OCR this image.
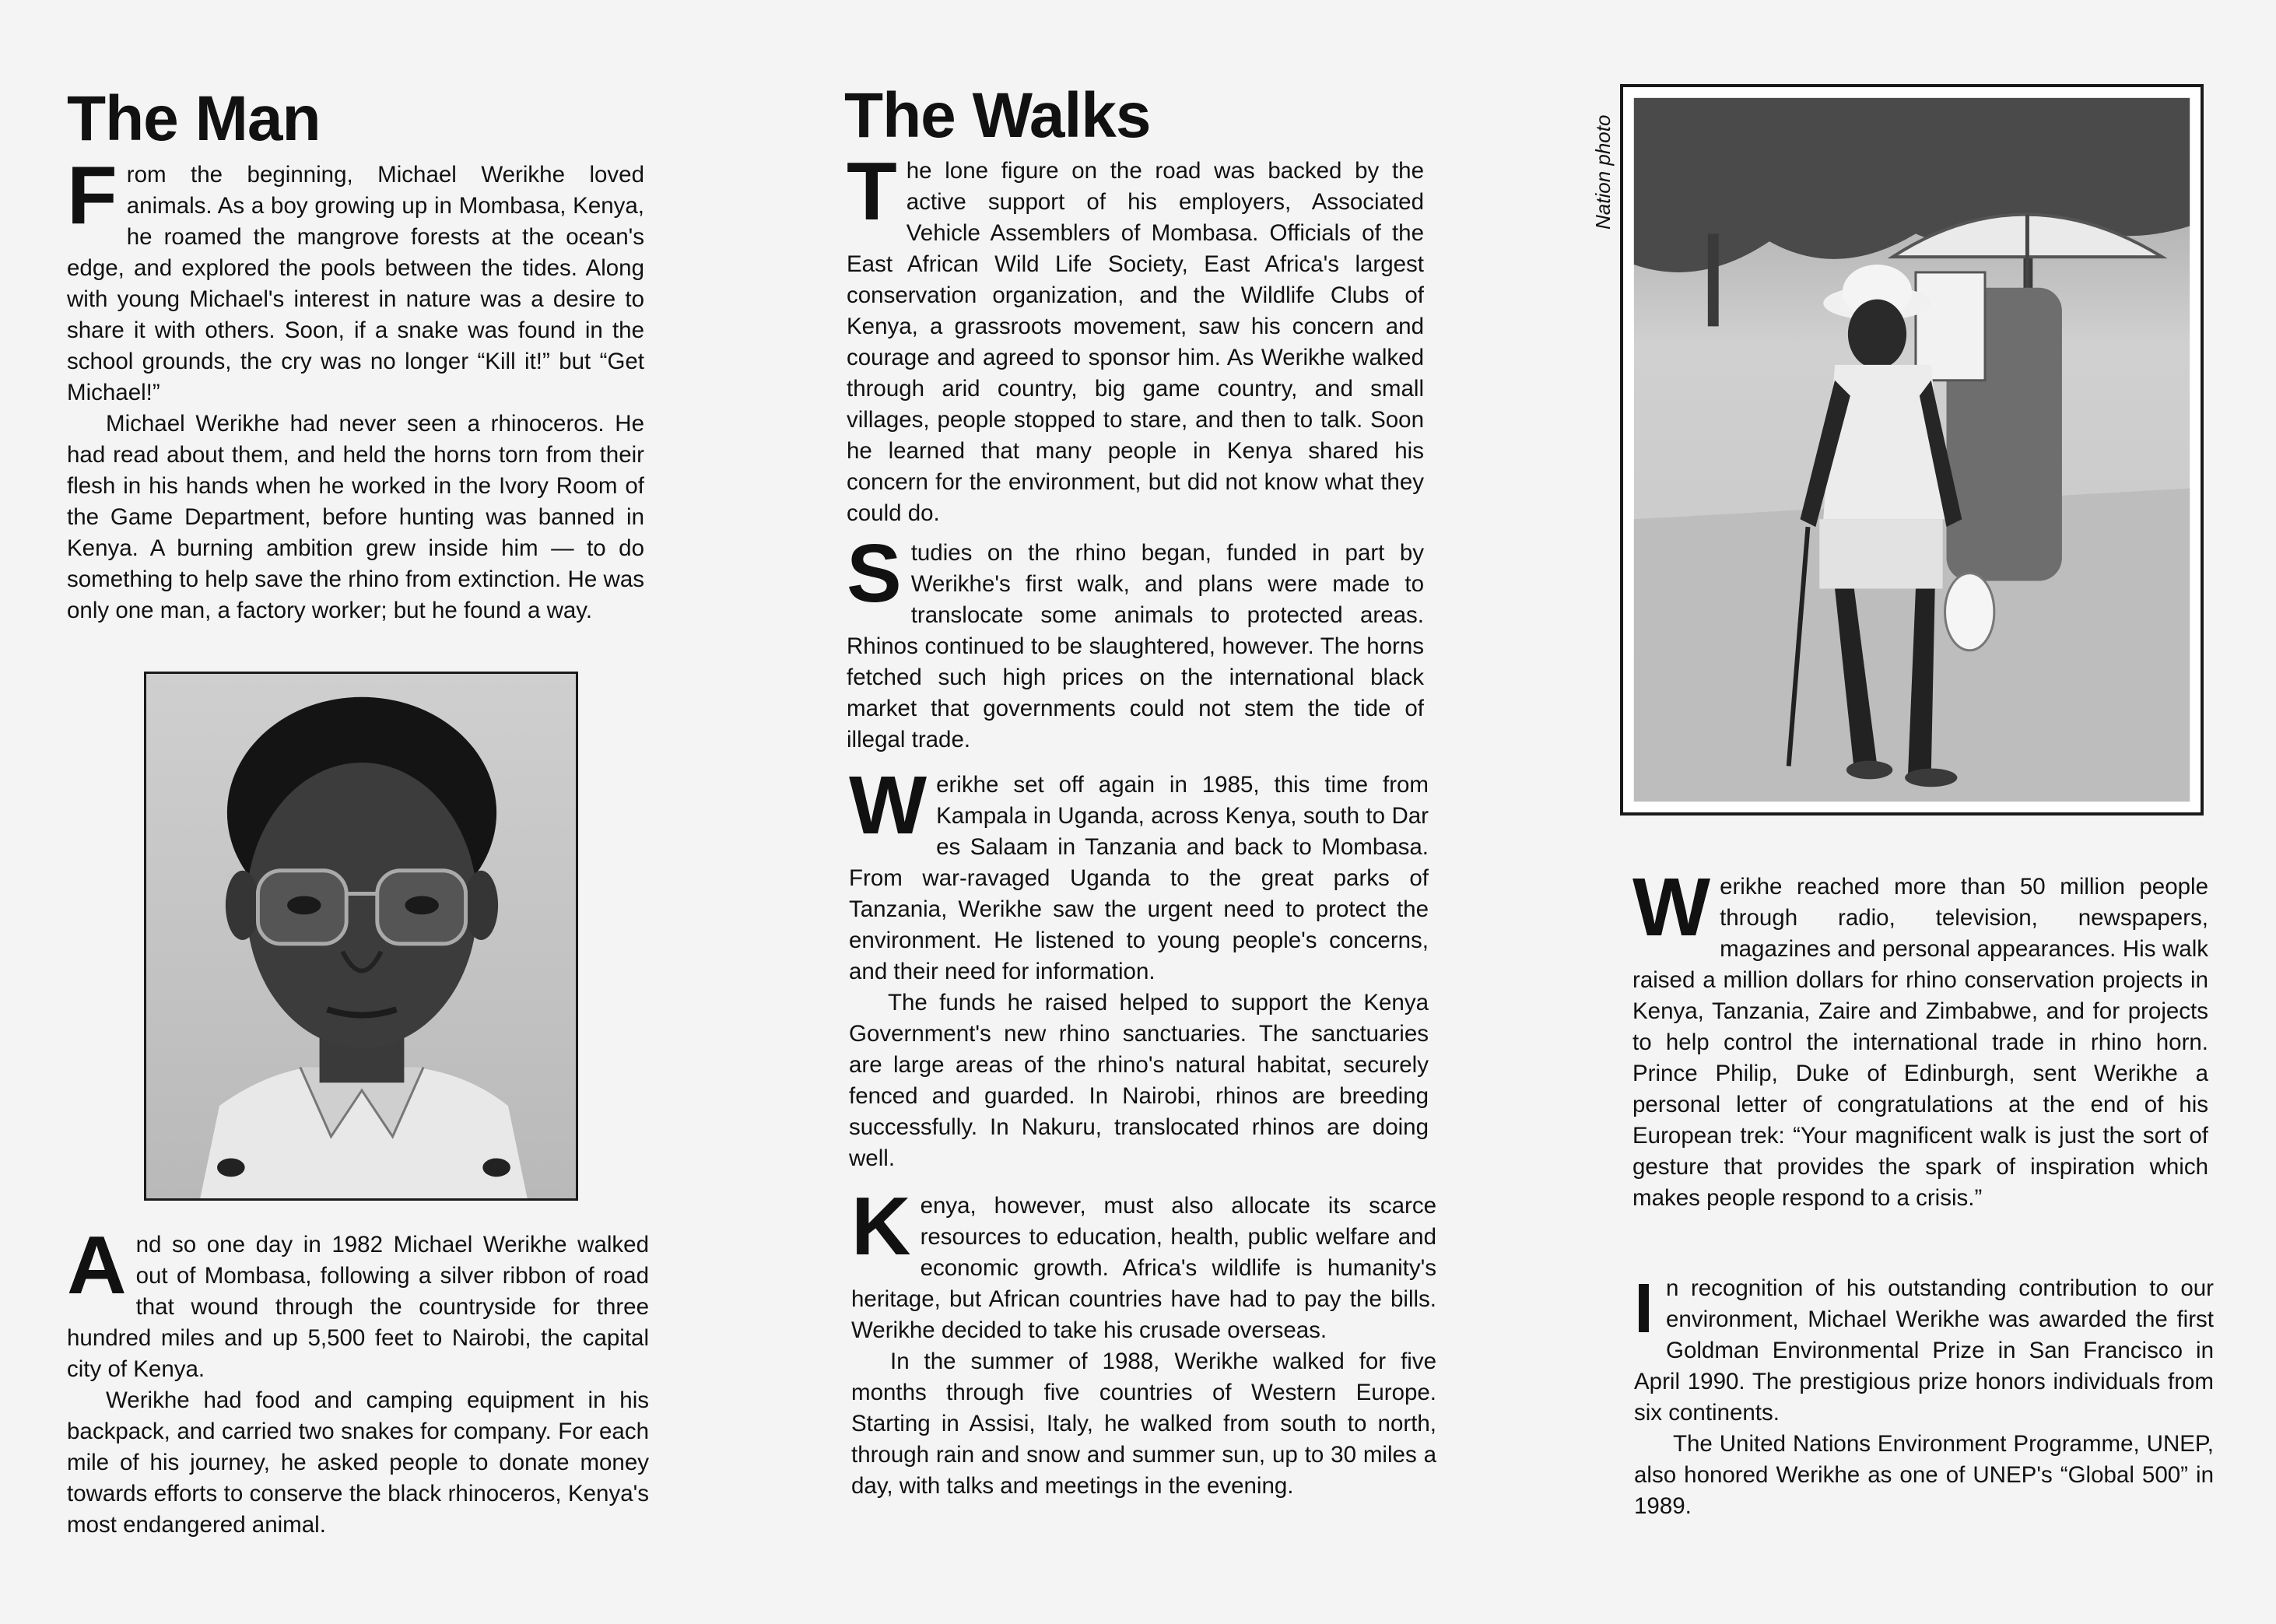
The Man
F rom the beginning, Michael Werikhe loved animals. As a boy growing up in Mombasa, Kenya, he roamed the mangrove forests at the ocean's edge, and explored the pools between the tides. Along with young Michael's interest in nature was a desire to share it with others. Soon, if a snake was found in the school grounds, the cry was no longer “Kill it!” but “Get Michael!”

Michael Werikhe had never seen a rhinoceros. He had read about them, and held the horns torn from their flesh in his hands when he worked in the Ivory Room of the Game Department, before hunting was banned in Kenya. A burning ambition grew inside him — to do something to help save the rhino from extinction. He was only one man, a factory worker; but he found a way.

A nd so one day in 1982 Michael Werikhe walked out of Mombasa, following a silver ribbon of road that wound through the countryside for three hundred miles and up 5,500 feet to Nairobi, the capital city of Kenya.

Werikhe had food and camping equipment in his backpack, and carried two snakes for company. For each mile of his journey, he asked people to donate money towards efforts to conserve the black rhinoceros, Kenya's most endangered animal.

The Walks
T he lone figure on the road was backed by the active support of his employers, Associated Vehicle Assemblers of Mombasa. Officials of the East African Wild Life Society, East Africa's largest conservation organization, and the Wildlife Clubs of Kenya, a grassroots movement, saw his concern and courage and agreed to sponsor him. As Werikhe walked through arid country, big game country, and small villages, people stopped to stare, and then to talk. Soon he learned that many people in Kenya shared his concern for the environment, but did not know what they could do.

S tudies on the rhino began, funded in part by Werikhe's first walk, and plans were made to translocate some animals to protected areas. Rhinos continued to be slaughtered, however. The horns fetched such high prices on the international black market that governments could not stem the tide of illegal trade.

W erikhe set off again in 1985, this time from Kampala in Uganda, across Kenya, south to Dar es Salaam in Tanzania and back to Mombasa. From war-ravaged Uganda to the great parks of Tanzania, Werikhe saw the urgent need to protect the environment. He listened to young people's concerns, and their need for information.

The funds he raised helped to support the Kenya Government's new rhino sanctuaries. The sanctuaries are large areas of the rhino's natural habitat, securely fenced and guarded. In Nairobi, rhinos are breeding successfully. In Nakuru, translocated rhinos are doing well.

K enya, however, must also allocate its scarce resources to education, health, public welfare and economic growth. Africa's wildlife is humanity's heritage, but African countries have had to pay the bills. Werikhe decided to take his crusade overseas.

In the summer of 1988, Werikhe walked for five months through five countries of Western Europe. Starting in Assisi, Italy, he walked from south to north, through rain and snow and summer sun, up to 30 miles a day, with talks and meetings in the evening.

Nation photo
W erikhe reached more than 50 million people through radio, television, newspapers, magazines and personal appearances. His walk raised a million dollars for rhino conservation projects in Kenya, Tanzania, Zaire and Zimbabwe, and for projects to help control the international trade in rhino horn. Prince Philip, Duke of Edinburgh, sent Werikhe a personal letter of congratulations at the end of his European trek: “Your magnificent walk is just the sort of gesture that provides the spark of inspiration which makes people respond to a crisis.”

I n recognition of his outstanding contribution to our environment, Michael Werikhe was awarded the first Goldman Environmental Prize in San Francisco in April 1990. The prestigious prize honors individuals from six continents.

The United Nations Environment Programme, UNEP, also honored Werikhe as one of UNEP's “Global 500” in 1989.
